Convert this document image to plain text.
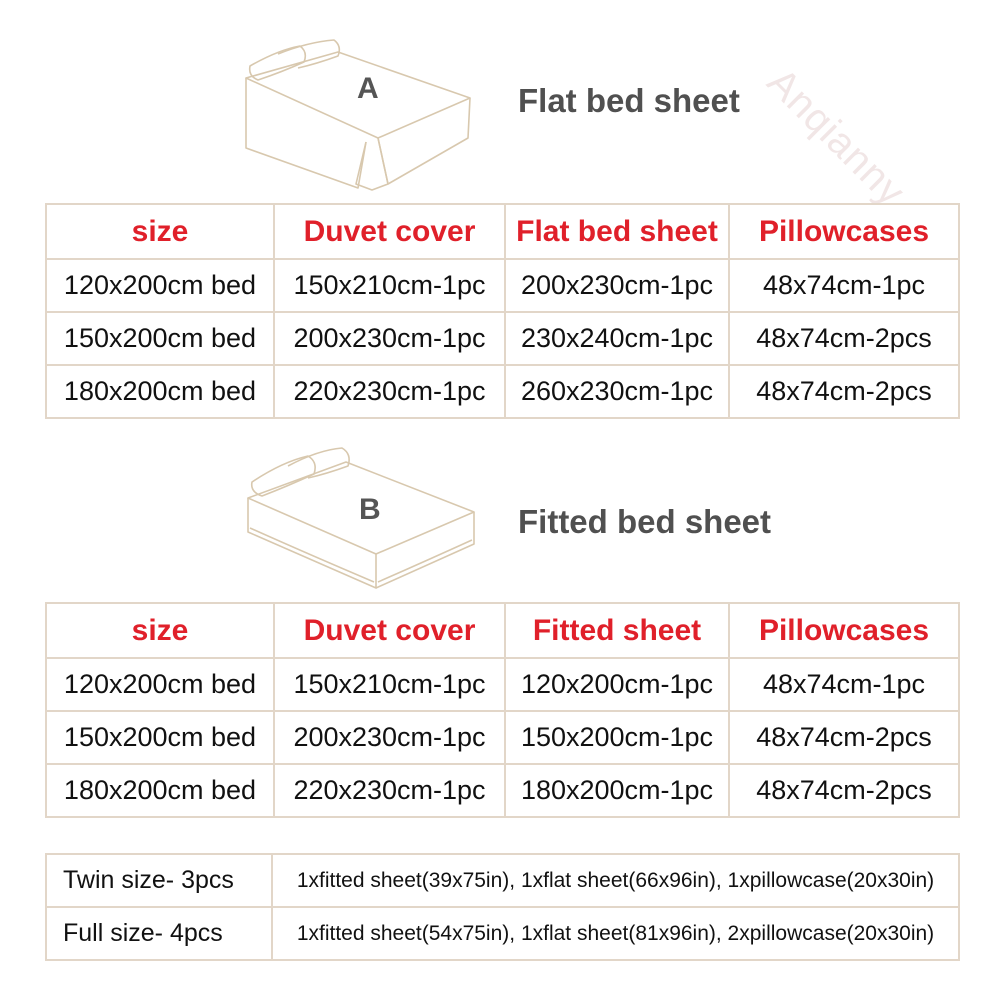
Anqianny
A	Flat bed sheet
size	Duvet cover	Flat bed sheet	Pillowcases
120x200cm bed	150x210cm-1pc	200x230cm-1pc	48x74cm-1pc
150x200cm bed	200x230cm-1pc	230x240cm-1pc	48x74cm-2pcs
180x200cm bed	220x230cm-1pc	260x230cm-1pc	48x74cm-2pcs
B	Fitted bed sheet
size	Duvet cover	Fitted sheet	Pillowcases
120x200cm bed	150x210cm-1pc	120x200cm-1pc	48x74cm-1pc
150x200cm bed	200x230cm-1pc	150x200cm-1pc	48x74cm-2pcs
180x200cm bed	220x230cm-1pc	180x200cm-1pc	48x74cm-2pcs
Twin size- 3pcs	1xfitted sheet(39x75in), 1xflat sheet(66x96in), 1xpillowcase(20x30in)
Full size- 4pcs	1xfitted sheet(54x75in), 1xflat sheet(81x96in), 2xpillowcase(20x30in)
